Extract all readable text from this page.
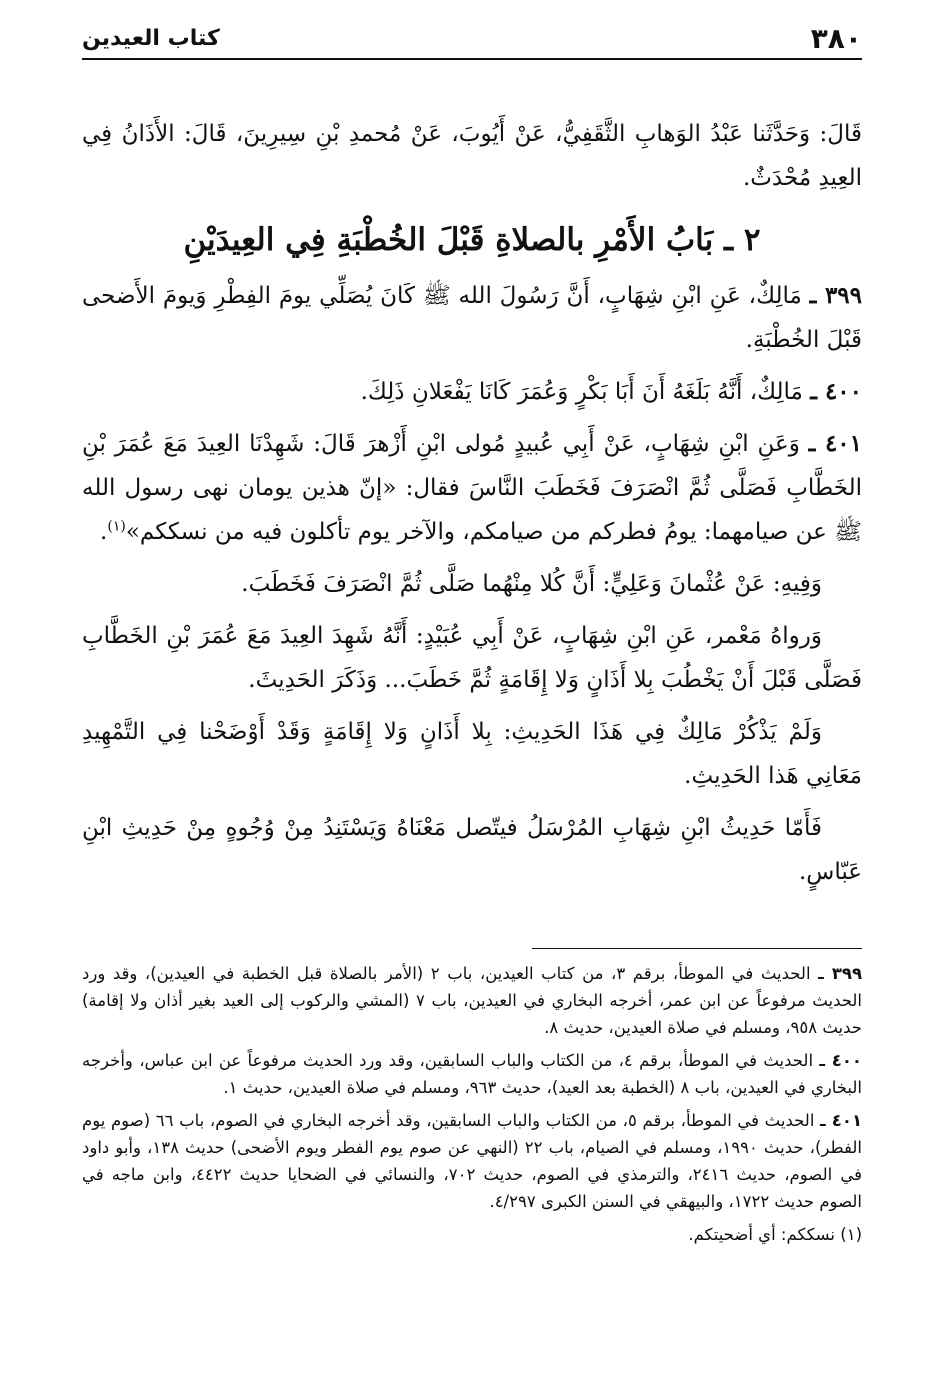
٣٨٠
كتاب العيدين

قَالَ: وَحَدَّثَنا عَبْدُ الوَهابِ الثَّقَفِيُّ، عَنْ أَيُوبَ، عَنْ مُحمدِ بْنِ سِيرِينَ، قَالَ: الأَذَانُ فِي العِيدِ مُحْدَثٌ.

٢ ـ بَابُ الأَمْرِ بالصلاةِ قَبْلَ الخُطْبَةِ فِي العِيدَيْنِ

٣٩٩ ـ مَالِكٌ، عَنِ ابْنِ شِهَابٍ، أَنَّ رَسُولَ الله ﷺ كَانَ يُصَلِّي يومَ الفِطْرِ وَيومَ الأَضحى قَبْلَ الخُطْبَةِ.

٤٠٠ ـ مَالِكٌ، أَنَّهُ بَلَغَهُ أَنَ أَبَا بَكْرٍ وَعُمَرَ كَانَا يَفْعَلانِ ذَلِكَ.

٤٠١ ـ وَعَنِ ابْنِ شِهَابٍ، عَنْ أَبِي عُبيدٍ مُولى ابْنِ أَزْهرَ قَالَ: شَهِدْنَا العِيدَ مَعَ عُمَرَ بْنِ الخَطَّابِ فَصَلَّى ثُمَّ انْصَرَفَ فَخَطَبَ النَّاسَ فقال: «إنّ هذين يومان نهى رسول الله ﷺ عن صيامهما: يومُ فطركم من صيامكم، والآخر يوم تأكلون فيه من نسككم»$^{(١)}$.

وَفِيهِ: عَنْ عُثْمانَ وَعَلِيٍّ: أَنَّ كُلا مِنْهُما صَلَّى ثُمَّ انْصَرَفَ فَخَطَبَ.

وَرواهُ مَعْمر، عَنِ ابْنِ شِهَابٍ، عَنْ أَبِي عُبَيْدٍ: أَنَّهُ شَهِدَ العِيدَ مَعَ عُمَرَ بْنِ الخَطَّابِ فَصَلَّى قَبْلَ أَنْ يَخْطُبَ بِلا أَذَانٍ وَلا إِقَامَةٍ ثُمَّ خَطَبَ... وَذَكَرَ الحَدِيثَ.

وَلَمْ يَذْكُرْ مَالِكٌ فِي هَذَا الحَدِيثِ: بِلا أَذَانٍ وَلا إِقَامَةٍ وَقَدْ أَوْضَحْنا فِي التَّمْهِيدِ مَعَانِي هَذا الحَدِيثِ.

فَأَمّا حَدِيثُ ابْنِ شِهَابِ المُرْسَلُ فيتّصل مَعْنَاهُ وَيَسْتَنِدُ مِنْ وُجُوهٍ مِنْ حَدِيثِ ابْنِ عَبّاسٍ.

٣٩٩ ـ الحديث في الموطأ، برقم ٣، من كتاب العيدين، باب ٢ (الأمر بالصلاة قبل الخطبة في العيدين)، وقد ورد الحديث مرفوعاً عن ابن عمر، أخرجه البخاري في العيدين، باب ٧ (المشي والركوب إلى العيد بغير أذان ولا إقامة) حديث ٩٥٨، ومسلم في صلاة العيدين، حديث ٨.

٤٠٠ ـ الحديث في الموطأ، برقم ٤، من الكتاب والباب السابقين، وقد ورد الحديث مرفوعاً عن ابن عباس، وأخرجه البخاري في العيدين، باب ٨ (الخطبة بعد العيد)، حديث ٩٦٣، ومسلم في صلاة العيدين، حديث ١.

٤٠١ ـ الحديث في الموطأ، برقم ٥، من الكتاب والباب السابقين، وقد أخرجه البخاري في الصوم، باب ٦٦ (صوم يوم الفطر)، حديث ١٩٩٠، ومسلم في الصيام، باب ٢٢ (النهي عن صوم يوم الفطر ويوم الأضحى) حديث ١٣٨، وأبو داود في الصوم، حديث ٢٤١٦، والترمذي في الصوم، حديث ٧٠٢، والنسائي في الضحايا حديث ٤٤٢٢، وابن ماجه في الصوم حديث ١٧٢٢، والبيهقي في السنن الكبرى ٤/٢٩٧.

(١) نسككم: أي أضحيتكم.
